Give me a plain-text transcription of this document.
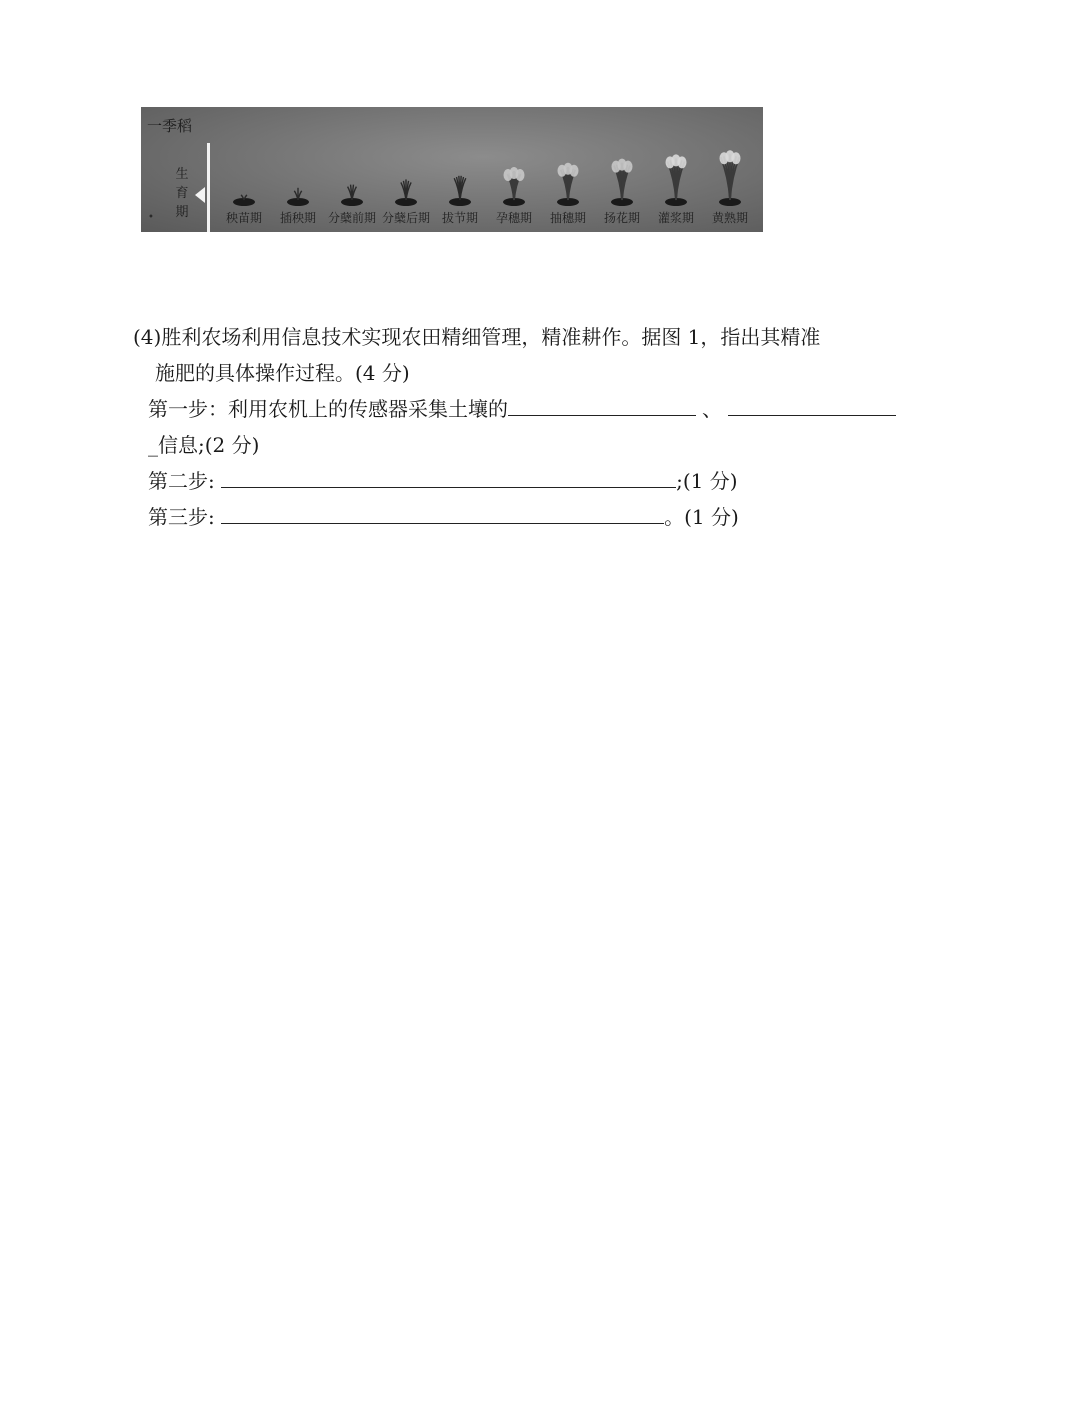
一季稻
•
生育期	秧苗期	插秧期 分蘖前期 分蘖后期 拔节期	孕穗期	抽穗期	扬花期	灌浆期	黄熟期
(4)胜利农场利用信息技术实现农田精细管理，精准耕作。据图 1，指出其精准
施肥的具体操作过程。(4 分)
第一步：利用农机上的传感器采集土壤的	、
_信息;(2 分)
第二步:	;(1 分)
第三步:	。(1 分)
